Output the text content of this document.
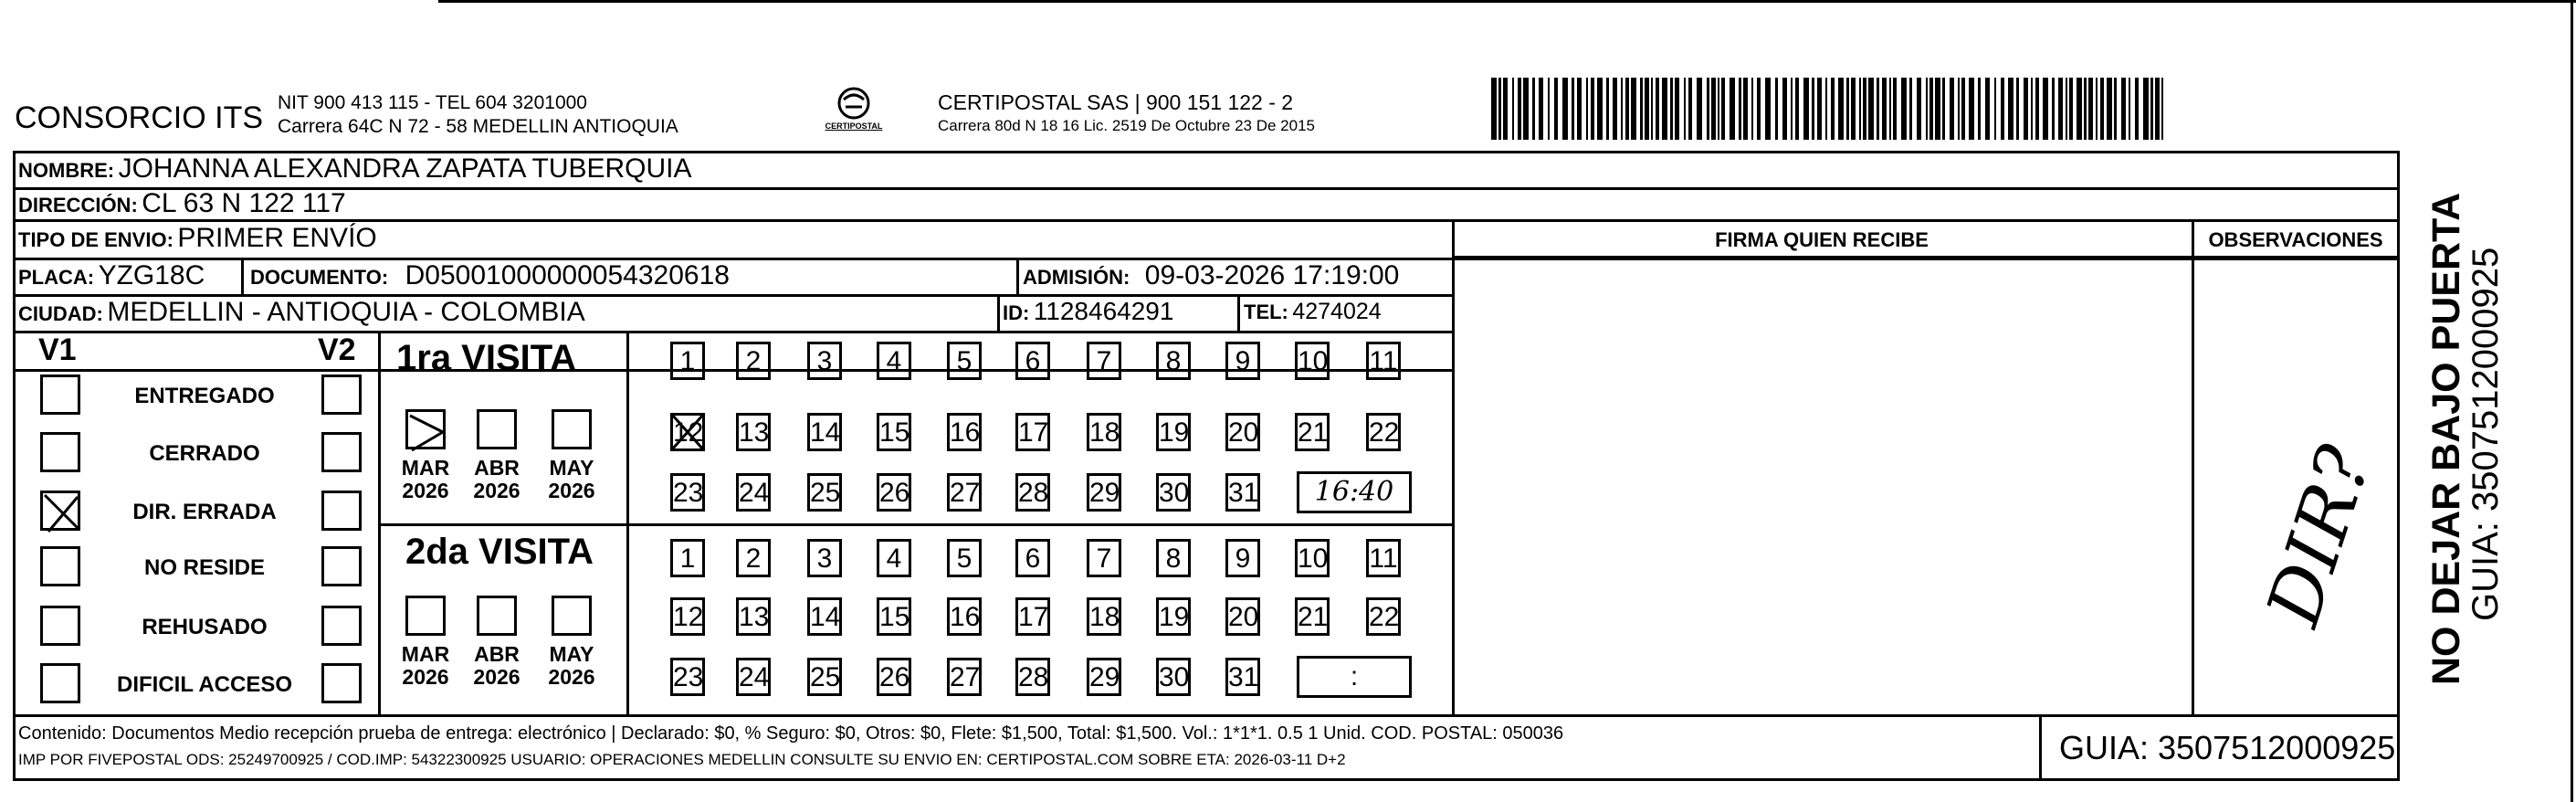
CONSORCIO ITS NIT 900 413 115 - TEL 604 3201000
Carrera 64C N 72 - 58 MEDELLIN ANTIOQUIA	CERTIPOSTAL
CERTIPOSTAL SAS | 900 151 122 - 2
Carrera 80d N 18 16 Lic. 2519 De Octubre 23 De 2015
FIRMA QUIEN RECIBE	OBSERVACIONES
DIR?
NOMBRE: JOHANNA ALEXANDRA ZAPATA TUBERQUIA
DIRECCIÓN: CL 63 N 122 117
TIPO DE ENVIO: PRIMER ENVÍO
PLACA: YZG18C DOCUMENTO: D05001000000054320618	ADMISIÓN: 09-03-2026 17:19:00
CIUDAD: MEDELLIN - ANTIOQUIA - COLOMBIA	ID: 1128464291	TEL: 4274024
V1	V2
ENTREGADO
CERRADO
DIR. ERRADA
NO RESIDE
REHUSADO
DIFICIL ACCESO
1ra VISITA
2da VISITA
MAR
2026
ABR
2026
MAY
2026
MAR
2026
ABR
2026
MAY
2026
1	2	3	4	5	6	7	8	9	10 11
12 13 14 15 16 17 18 19 20 21 22
23 24 25 26 27 28 29 30 31	16:40
1	2	3	4	5	6	7	8	9	10 11
12 13 14 15 16 17 18 19 20 21 22
23 24 25 26 27 28 29 30 31	:
Contenido: Documentos Medio recepción prueba de entrega: electrónico | Declarado: $0, % Seguro: $0, Otros: $0, Flete: $1,500, Total: $1,500. Vol.: 1*1*1. 0.5 1 Unid. COD. POSTAL: 050036
IMP POR FIVEPOSTAL ODS: 25249700925 / COD.IMP: 54322300925 USUARIO: OPERACIONES MEDELLIN CONSULTE SU ENVIO EN: CERTIPOSTAL.COM SOBRE ETA: 2026-03-11 D+2	GUIA: 3507512000925
NO DEJAR BAJO PUERTA
GUIA: 3507512000925
